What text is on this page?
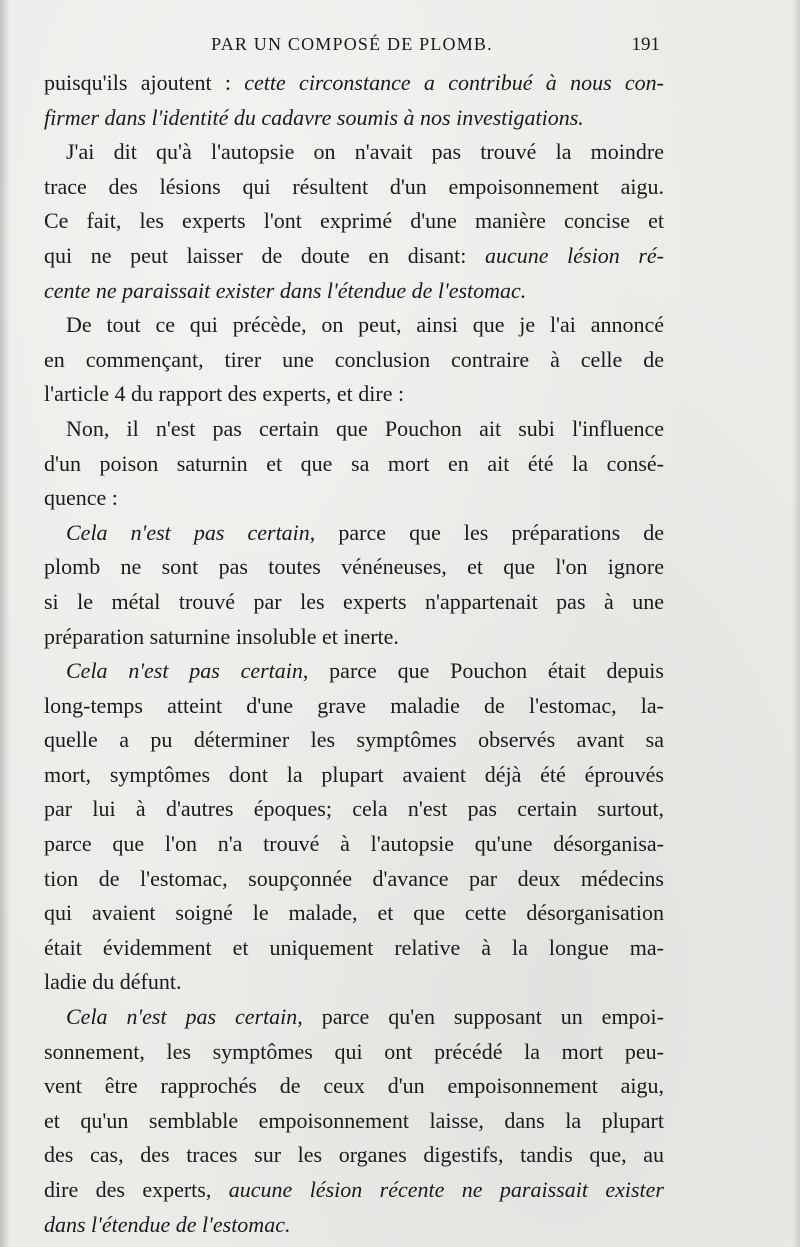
PAR UN COMPOSÉ DE PLOMB.	191
puisqu'ils ajoutent : cette circonstance a contribué à nous con-
firmer dans l'identité du cadavre soumis à nos investigations.
J'ai dit qu'à l'autopsie on n'avait pas trouvé la moindre
trace des lésions qui résultent d'un empoisonnement aigu.
Ce fait, les experts l'ont exprimé d'une manière concise et
qui ne peut laisser de doute en disant: aucune lésion ré-
cente ne paraissait exister dans l'étendue de l'estomac.
De tout ce qui précède, on peut, ainsi que je l'ai annoncé
en commençant, tirer une conclusion contraire à celle de
l'article 4 du rapport des experts, et dire :
Non, il n'est pas certain que Pouchon ait subi l'influence
d'un poison saturnin et que sa mort en ait été la consé-
quence :
Cela n'est pas certain, parce que les préparations de
plomb ne sont pas toutes vénéneuses, et que l'on ignore
si le métal trouvé par les experts n'appartenait pas à une
préparation saturnine insoluble et inerte.
Cela n'est pas certain, parce que Pouchon était depuis
long-temps atteint d'une grave maladie de l'estomac, la-
quelle a pu déterminer les symptômes observés avant sa
mort, symptômes dont la plupart avaient déjà été éprouvés
par lui à d'autres époques; cela n'est pas certain surtout,
parce que l'on n'a trouvé à l'autopsie qu'une désorganisa-
tion de l'estomac, soupçonnée d'avance par deux médecins
qui avaient soigné le malade, et que cette désorganisation
était évidemment et uniquement relative à la longue ma-
ladie du défunt.
Cela n'est pas certain, parce qu'en supposant un empoi-
sonnement, les symptômes qui ont précédé la mort peu-
vent être rapprochés de ceux d'un empoisonnement aigu,
et qu'un semblable empoisonnement laisse, dans la plupart
des cas, des traces sur les organes digestifs, tandis que, au
dire des experts, aucune lésion récente ne paraissait exister
dans l'étendue de l'estomac.
